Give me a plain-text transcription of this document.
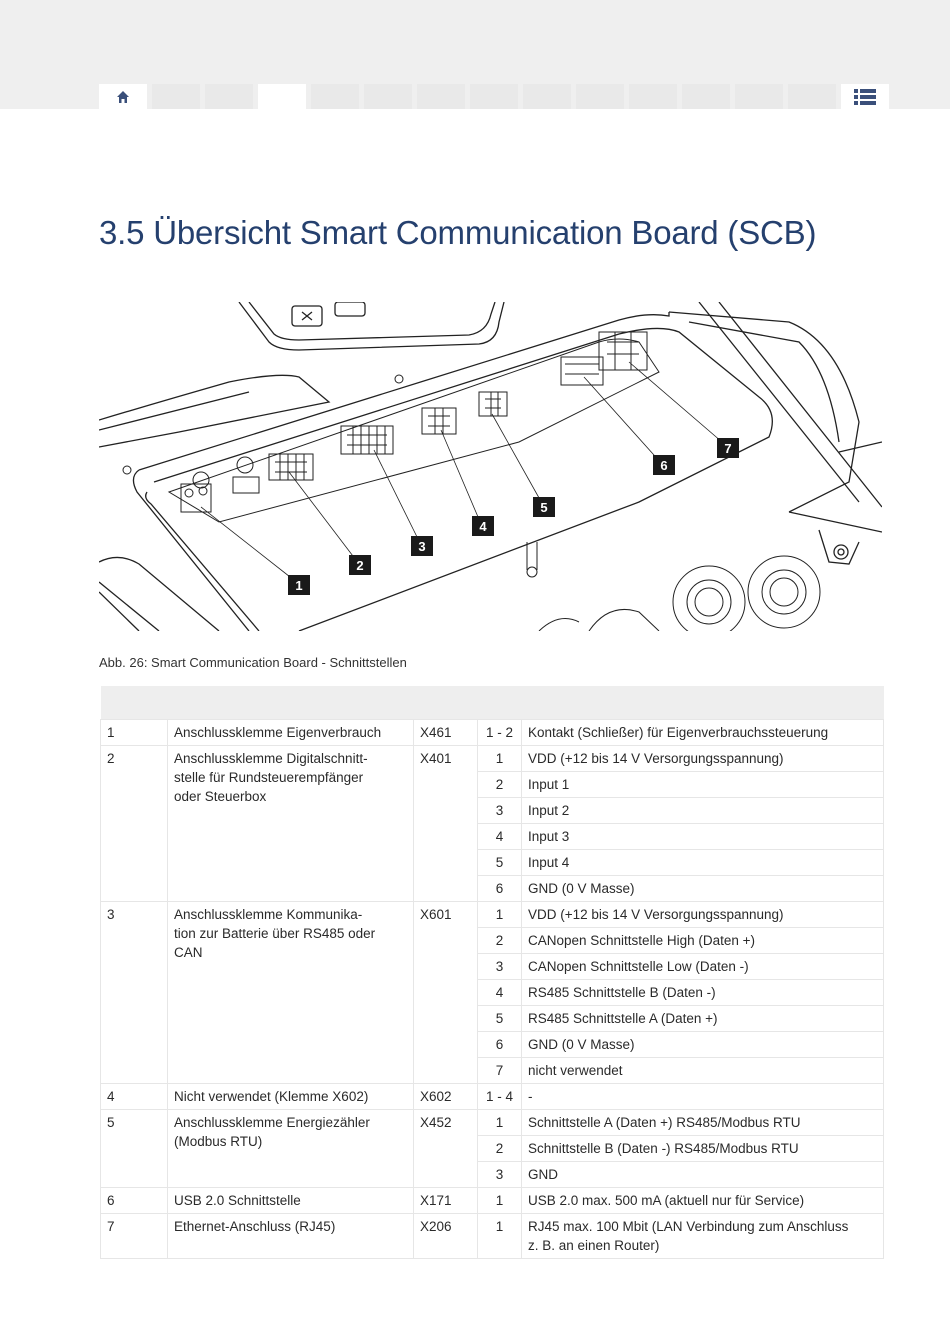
3.5 Übersicht Smart Communication Board (SCB)
1
2
3
4
5
6
7
Abb. 26: Smart Communication Board - Schnittstellen

1	Anschlussklemme Eigenverbrauch	X461	1 - 2	Kontakt (Schließer) für Eigenverbrauchssteuerung
2	Anschlussklemme Digitalschnitt-
stelle für Rundsteuerempfänger
oder Steuerbox	X401	1	VDD (+12 bis 14 V Versorgungsspannung)
			2	Input 1
			3	Input 2
			4	Input 3
			5	Input 4
			6	GND (0 V Masse)
3	Anschlussklemme Kommunika-
tion zur Batterie über RS485 oder
CAN	X601	1	VDD (+12 bis 14 V Versorgungsspannung)
			2	CANopen Schnittstelle High (Daten +)
			3	CANopen Schnittstelle Low (Daten -)
			4	RS485 Schnittstelle B (Daten -)
			5	RS485 Schnittstelle A (Daten +)
			6	GND (0 V Masse)
			7	nicht verwendet
4	Nicht verwendet (Klemme X602)	X602	1 - 4	-
5	Anschlussklemme Energiezähler
(Modbus RTU)	X452	1	Schnittstelle A (Daten +) RS485/Modbus RTU
			2	Schnittstelle B (Daten -) RS485/Modbus RTU
			3	GND
6	USB 2.0 Schnittstelle	X171	1	USB 2.0 max. 500 mA (aktuell nur für Service)
7	Ethernet-Anschluss (RJ45)	X206	1	RJ45 max. 100 Mbit (LAN Verbindung zum Anschluss
z. B. an einen Router)
